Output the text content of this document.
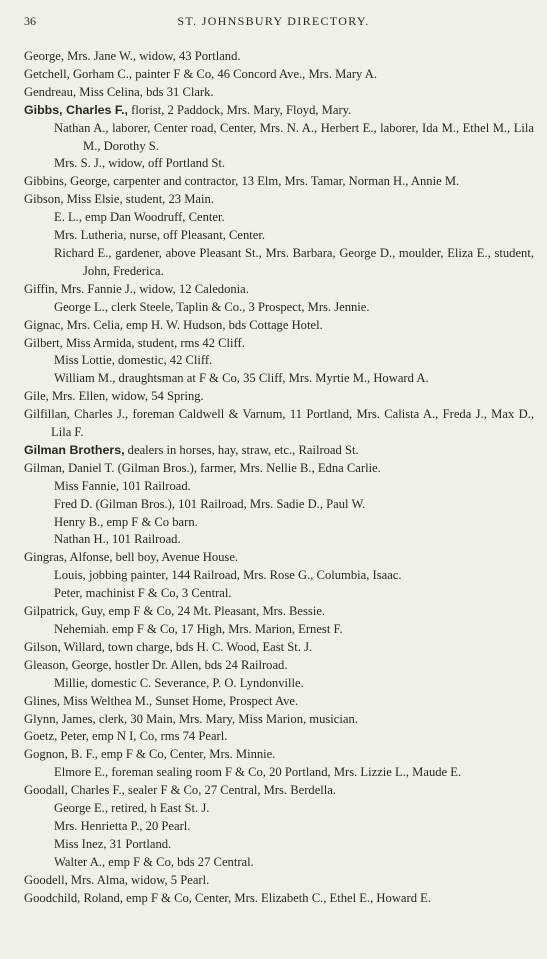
36	ST. JOHNSBURY DIRECTORY.
George, Mrs. Jane W., widow, 43 Portland.
Getchell, Gorham C., painter F & Co, 46 Concord Ave., Mrs. Mary A.
Gendreau, Miss Celina, bds 31 Clark.
Gibbs, Charles F., florist, 2 Paddock, Mrs. Mary, Floyd, Mary.
Nathan A., laborer, Center road, Center, Mrs. N. A., Herbert E., laborer, Ida M., Ethel M., Lila M., Dorothy S.
Mrs. S. J., widow, off Portland St.
Gibbins, George, carpenter and contractor, 13 Elm, Mrs. Tamar, Norman H., Annie M.
Gibson, Miss Elsie, student, 23 Main.
E. L., emp Dan Woodruff, Center.
Mrs. Lutheria, nurse, off Pleasant, Center.
Richard E., gardener, above Pleasant St., Mrs. Barbara, George D., moulder, Eliza E., student, John, Frederica.
Giffin, Mrs. Fannie J., widow, 12 Caledonia.
George L., clerk Steele, Taplin & Co., 3 Prospect, Mrs. Jennie.
Gignac, Mrs. Celia, emp H. W. Hudson, bds Cottage Hotel.
Gilbert, Miss Armida, student, rms 42 Cliff.
Miss Lottie, domestic, 42 Cliff.
William M., draughtsman at F & Co, 35 Cliff, Mrs. Myrtie M., Howard A.
Gile, Mrs. Ellen, widow, 54 Spring.
Gilfillan, Charles J., foreman Caldwell & Varnum, 11 Portland, Mrs. Calista A., Freda J., Max D., Lila F.
Gilman Brothers, dealers in horses, hay, straw, etc., Railroad St.
Gilman, Daniel T. (Gilman Bros.), farmer, Mrs. Nellie B., Edna Carlie.
Miss Fannie, 101 Railroad.
Fred D. (Gilman Bros.), 101 Railroad, Mrs. Sadie D., Paul W.
Henry B., emp F & Co barn.
Nathan H., 101 Railroad.
Gingras, Alfonse, bell boy, Avenue House.
Louis, jobbing painter, 144 Railroad, Mrs. Rose G., Columbia, Isaac.
Peter, machinist F & Co, 3 Central.
Gilpatrick, Guy, emp F & Co, 24 Mt. Pleasant, Mrs. Bessie.
Nehemiah. emp F & Co, 17 High, Mrs. Marion, Ernest F.
Gilson, Willard, town charge, bds H. C. Wood, East St. J.
Gleason, George, hostler Dr. Allen, bds 24 Railroad.
Millie, domestic C. Severance, P. O. Lyndonville.
Glines, Miss Welthea M., Sunset Home, Prospect Ave.
Glynn, James, clerk, 30 Main, Mrs. Mary, Miss Marion, musician.
Goetz, Peter, emp N I, Co, rms 74 Pearl.
Gognon, B. F., emp F & Co, Center, Mrs. Minnie.
Elmore E., foreman sealing room F & Co, 20 Portland, Mrs. Lizzie L., Maude E.
Goodall, Charles F., sealer F & Co, 27 Central, Mrs. Berdella.
George E., retired, h East St. J.
Mrs. Henrietta P., 20 Pearl.
Miss Inez, 31 Portland.
Walter A., emp F & Co, bds 27 Central.
Goodell, Mrs. Alma, widow, 5 Pearl.
Goodchild, Roland, emp F & Co, Center, Mrs. Elizabeth C., Ethel E., Howard E.
